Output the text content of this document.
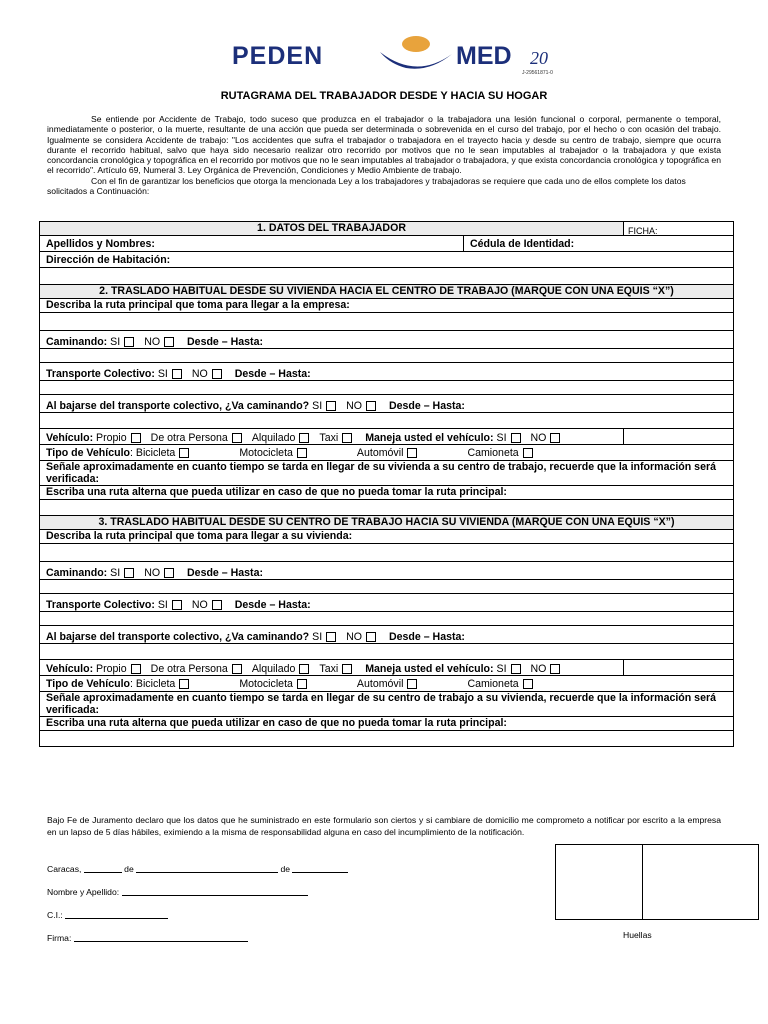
PEDEN	MED 20
J-29561871-0
RUTAGRAMA DEL TRABAJADOR DESDE Y HACIA SU HOGAR

Se entiende por Accidente de Trabajo, todo suceso que produzca en el trabajador o la trabajadora una lesión funcional o corporal, permanente o temporal, inmediatamente o posterior, o la muerte, resultante de una acción que pueda ser determinada o sobrevenida en el curso del trabajo, por el hecho o con ocasión del trabajo. Igualmente se considera Accidente de trabajo: "Los accidentes que sufra el trabajador o trabajadora en el trayecto hacia y desde su centro de trabajo, siempre que ocurra durante el recorrido habitual, salvo que haya sido necesario realizar otro recorrido por motivos que no le sean imputables al trabajador o la trabajadora y que exista concordancia cronológica y topográfica en el recorrido por motivos que no le sean imputables al trabajador o trabajadora, y que exista concordancia cronológica y topográfica en el recorrido". Artículo 69, Numeral 3. Ley Orgánica de Prevención, Condiciones y Medio Ambiente de trabajo.

Con el fin de garantizar los beneficios que otorga la mencionada Ley a los trabajadores y trabajadoras se requiere que cada uno de ellos complete los datos solicitados a Continuación:

1. DATOS DEL TRABAJADOR		$_{FICHA:}$
Apellidos y Nombres:	Cédula de Identidad:	
Dirección de Habitación:		

2. TRASLADO HABITUAL DESDE SU VIVIENDA HACIA EL CENTRO DE TRABAJO (MARQUE CON UNA EQUIS “X”)		
Describa la ruta principal que toma para llegar a la empresa:		

Caminando: SI NO Desde – Hasta:		

Transporte Colectivo: SI NO Desde – Hasta:		

Al bajarse del transporte colectivo, ¿Va caminando? SI NO Desde – Hasta:		

Vehículo: Propio De otra Persona Alquilado Taxi Maneja usted el vehículo: SI NO		
Tipo de Vehículo: Bicicleta Motocicleta Automóvil Camioneta		
Señale aproximadamente en cuanto tiempo se tarda en llegar de su vivienda a su centro de trabajo, recuerde que la información será verificada:		
Escriba una ruta alterna que pueda utilizar en caso de que no pueda tomar la ruta principal:		

3. TRASLADO HABITUAL DESDE SU CENTRO DE TRABAJO HACIA SU VIVIENDA (MARQUE CON UNA EQUIS “X”)		
Describa la ruta principal que toma para llegar a su vivienda:		

Caminando: SI NO Desde – Hasta:		

Transporte Colectivo: SI NO Desde – Hasta:		

Al bajarse del transporte colectivo, ¿Va caminando? SI NO Desde – Hasta:		

Vehículo: Propio De otra Persona Alquilado Taxi Maneja usted el vehículo: SI NO		
Tipo de Vehículo: Bicicleta Motocicleta Automóvil Camioneta		
Señale aproximadamente en cuanto tiempo se tarda en llegar de su centro de trabajo a su vivienda, recuerde que la información será verificada:		
Escriba una ruta alterna que pueda utilizar en caso de que no pueda tomar la ruta principal:		

Bajo Fe de Juramento declaro que los datos que he suministrado en este formulario son ciertos y si cambiare de domicilio me comprometo a notificar por escrito a la empresa en un lapso de 5 días hábiles, eximiendo a la misma de responsabilidad alguna en caso del incumplimiento de la notificación.
Caracas,	de	de
Nombre y Apellido:
C.I.:
Firma:	Huellas
